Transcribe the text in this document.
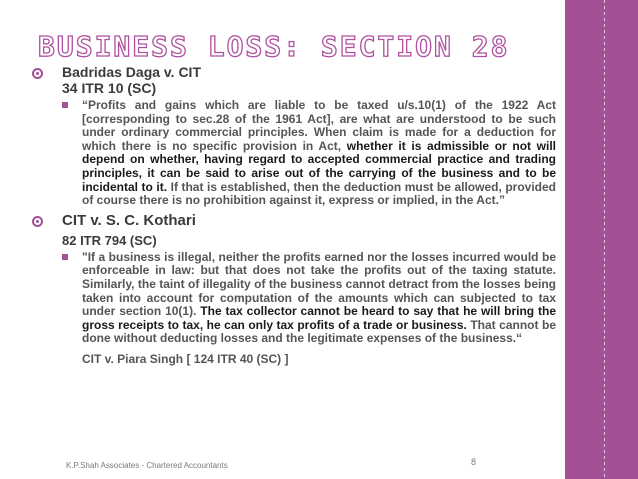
BUSINESS LOSS: SECTION 28
Badridas Daga v. CIT
34 ITR 10 (SC)
“Profits and gains which are liable to be taxed u/s.10(1) of the 1922 Act [corresponding to sec.28 of the 1961 Act], are what are understood to be such under ordinary commercial principles. When claim is made for a deduction for which there is no specific provision in Act, whether it is admissible or not will depend on whether, having regard to accepted commercial practice and trading principles, it can be said to arise out of the carrying of the business and to be incidental to it. If that is established, then the deduction must be allowed, provided of course there is no prohibition against it, express or implied, in the Act.”
CIT v. S. C. Kothari
82 ITR 794 (SC)
"If a business is illegal, neither the profits earned nor the losses incurred would be enforceable in law: but that does not take the profits out of the taxing statute. Similarly, the taint of illegality of the business cannot detract from the losses being taken into account for computation of the amounts which can subjected to tax under section 10(1). The tax collector cannot be heard to say that he will bring the gross receipts to tax, he can only tax profits of a trade or business. That cannot be done without deducting losses and the legitimate expenses of the business.“
CIT v. Piara Singh [ 124 ITR 40 (SC) ]
K.P.Shah Associates - Chartered Accountants	8
